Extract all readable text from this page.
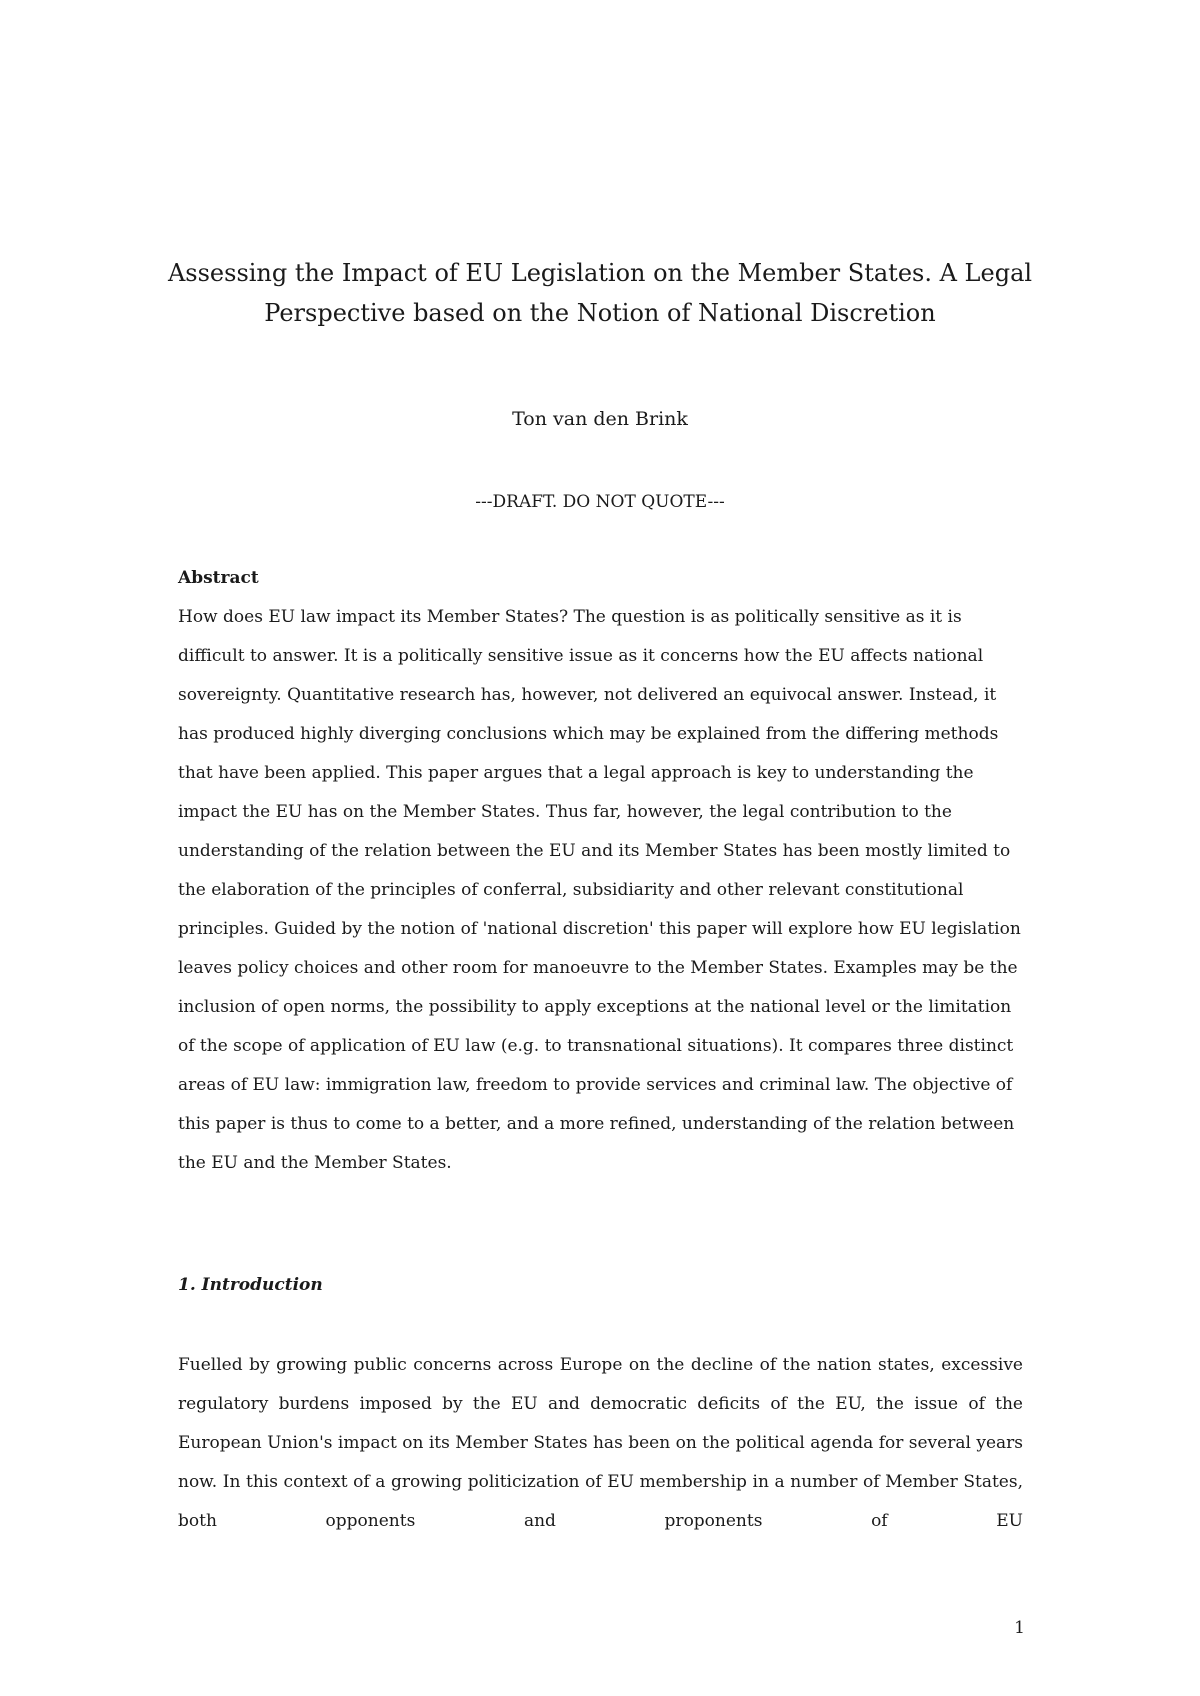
Assessing the Impact of EU Legislation on the Member States. A Legal Perspective based on the Notion of National Discretion
Ton van den Brink
---DRAFT. DO NOT QUOTE---
Abstract

How does EU law impact its Member States? The question is as politically sensitive as it is difficult to answer. It is a politically sensitive issue as it concerns how the EU affects national sovereignty. Quantitative research has, however, not delivered an equivocal answer. Instead, it has produced highly diverging conclusions which may be explained from the differing methods that have been applied. This paper argues that a legal approach is key to understanding the impact the EU has on the Member States. Thus far, however, the legal contribution to the understanding of the relation between the EU and its Member States has been mostly limited to the elaboration of the principles of conferral, subsidiarity and other relevant constitutional principles. Guided by the notion of 'national discretion' this paper will explore how EU legislation leaves policy choices and other room for manoeuvre to the Member States. Examples may be the inclusion of open norms, the possibility to apply exceptions at the national level or the limitation of the scope of application of EU law (e.g. to transnational situations). It compares three distinct areas of EU law: immigration law, freedom to provide services and criminal law. The objective of this paper is thus to come to a better, and a more refined, understanding of the relation between the EU and the Member States.

1. Introduction

Fuelled by growing public concerns across Europe on the decline of the nation states, excessive regulatory burdens imposed by the EU and democratic deficits of the EU, the issue of the European Union's impact on its Member States has been on the political agenda for several years now. In this context of a growing politicization of EU membership in a number of Member States, both opponents and proponents of EU

1
